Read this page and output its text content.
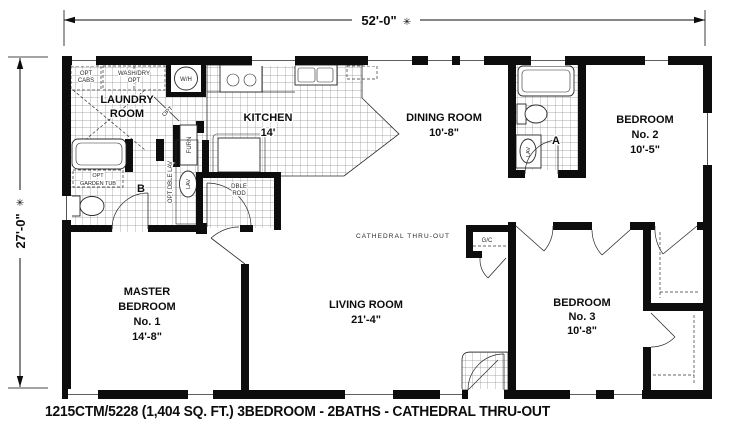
LAUNDRY
ROOM	KITCHEN
14'
DINING ROOM
10'-8"
BEDROOM
No. 2
10'-5"
MASTER
BEDROOM
No. 1
14'-8"
LIVING ROOM
21'-4"
BEDROOM
No. 3
10'-8"
OPT
CABS
WASH/DRY
OPT	W/H
OPT
FURN
OPT
GARDEN TUB B	OPT DBLE LAV LAV	DBLE
ROD
CATHEDRAL THRU-OUT
G/C
A
LAV
52'-0" ✳
✳
27'-0"
1215CTM/5228 (1,404 SQ. FT.) 3BEDROOM - 2BATHS - CATHEDRAL THRU-OUT
